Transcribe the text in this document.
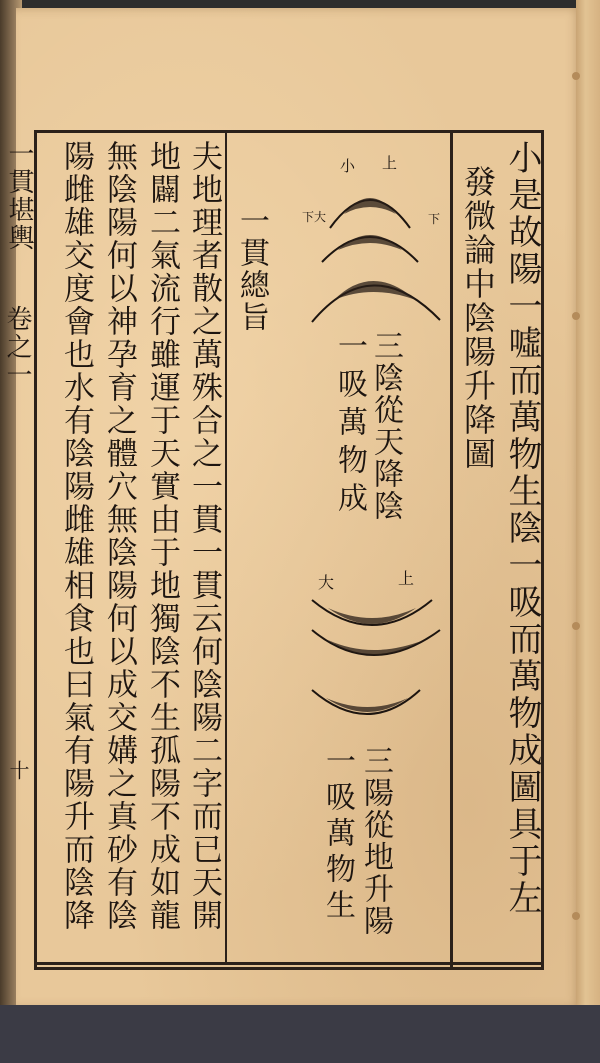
一貫堪輿
卷之一
十	小是故陽一噓而萬物生陰一吸而萬物成圖具于左
發微論中陰陽升降圖
小 上
下
下大
三陰從天降陰
一吸萬物成
大	上
三陽從地升陽
一吸萬物生
一貫總旨
夫地理者散之萬殊合之一貫一貫云何陰陽二字而已天開
地闢二氣流行雖運于天實由于地獨陰不生孤陽不成如龍
無陰陽何以神孕育之體穴無陰陽何以成交媾之真砂有陰
陽雌雄交度會也水有陰陽雌雄相食也曰氣有陽升而陰降
